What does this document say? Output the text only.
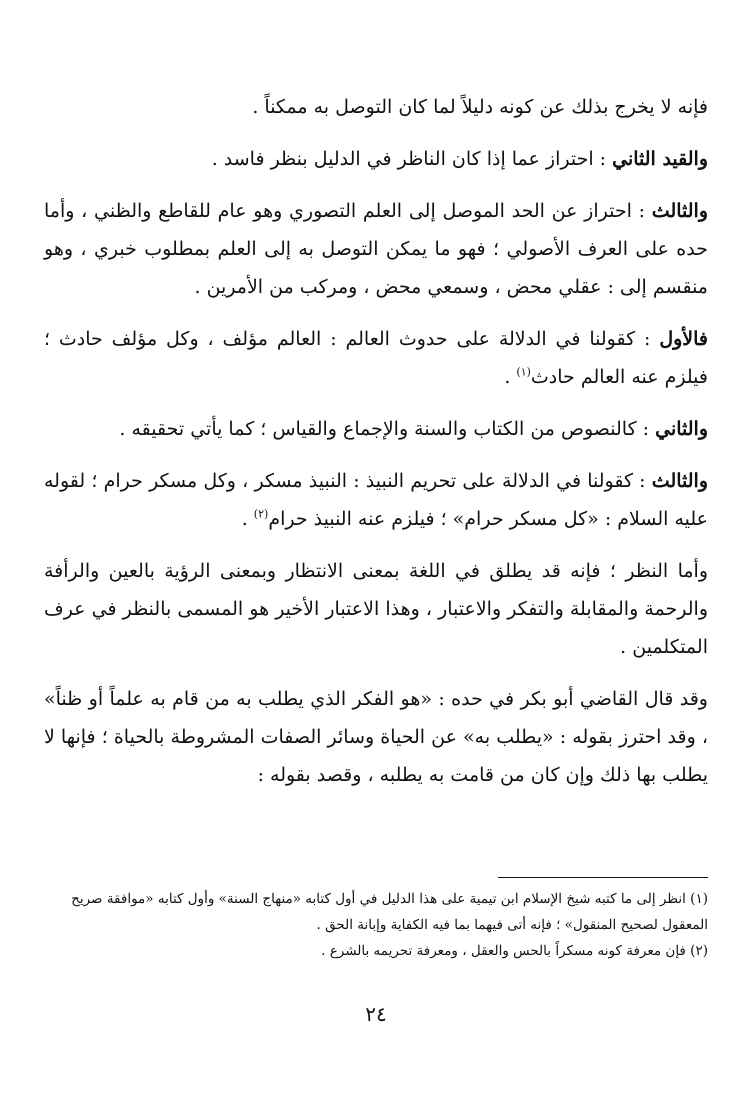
فإنه لا يخرج بذلك عن كونه دليلاً لما كان التوصل به ممكناً .

والقيد الثاني : احتراز عما إذا كان الناظر في الدليل بنظر فاسد .

والثالث : احتراز عن الحد الموصل إلى العلم التصوري وهو عام للقاطع والظني ، وأما حده على العرف الأصولي ؛ فهو ما يمكن التوصل به إلى العلم بمطلوب خبري ، وهو منقسم إلى : عقلي محض ، وسمعي محض ، ومركب من الأمرين .

فالأول : كقولنا في الدلالة على حدوث العالم : العالم مؤلف ، وكل مؤلف حادث ؛ فيلزم عنه العالم حادث$^{(١)}$ .

والثاني : كالنصوص من الكتاب والسنة والإجماع والقياس ؛ كما يأتي تحقيقه .

والثالث : كقولنا في الدلالة على تحريم النبيذ : النبيذ مسكر ، وكل مسكر حرام ؛ لقوله عليه السلام : «كل مسكر حرام» ؛ فيلزم عنه النبيذ حرام$^{(٢)}$ .

وأما النظر ؛ فإنه قد يطلق في اللغة بمعنى الانتظار وبمعنى الرؤية بالعين والرأفة والرحمة والمقابلة والتفكر والاعتبار ، وهذا الاعتبار الأخير هو المسمى بالنظر في عرف المتكلمين .

وقد قال القاضي أبو بكر في حده : «هو الفكر الذي يطلب به من قام به علماً أو ظناً» ، وقد احترز بقوله : «يطلب به» عن الحياة وسائر الصفات المشروطة بالحياة ؛ فإنها لا يطلب بها ذلك وإن كان من قامت به يطلبه ، وقصد بقوله :

(١) انظر إلى ما كتبه شيخ الإسلام ابن تيمية على هذا الدليل في أول كتابه «منهاج السنة» وأول كتابه «موافقة صريح المعقول لصحيح المنقول» ؛ فإنه أتى فيهما بما فيه الكفاية وإبانة الحق .

(٢) فإن معرفة كونه مسكراً بالحس والعقل ، ومعرفة تحريمه بالشرع .

٢٤
